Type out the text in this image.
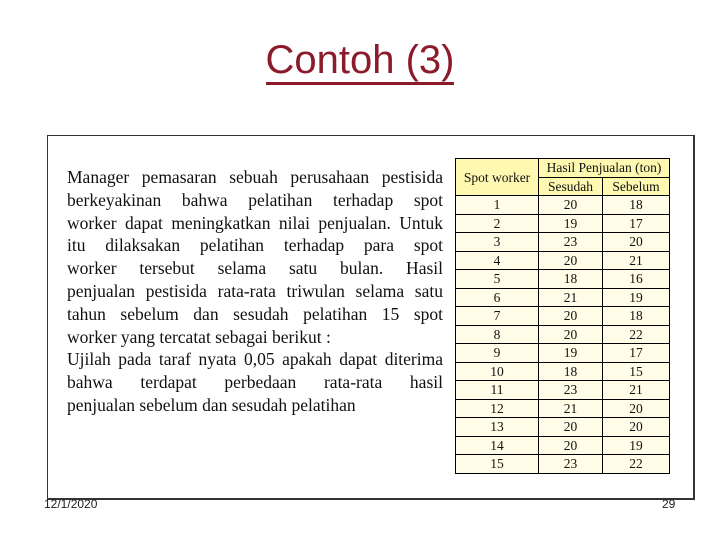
Contoh (3)
Manager pemasaran sebuah perusahaan pestisida
berkeyakinan bahwa pelatihan terhadap spot
worker dapat meningkatkan nilai penjualan. Untuk
itu dilaksakan pelatihan terhadap para spot
worker tersebut selama satu bulan. Hasil
penjualan pestisida rata-rata triwulan selama satu
tahun sebelum dan sesudah pelatihan 15 spot
worker yang tercatat sebagai berikut :
Ujilah pada taraf nyata 0,05 apakah dapat diterima
bahwa terdapat perbedaan rata-rata hasil
penjualan sebelum dan sesudah pelatihan
Spot worker	Hasil Penjualan (ton)	
	Sesudah	Sebelum
1	20	18
2	19	17
3	23	20
4	20	21
5	18	16
6	21	19
7	20	18
8	20	22
9	19	17
10	18	15
11	23	21
12	21	20
13	20	20
14	20	19
15	23	22
12/1/2020	29
